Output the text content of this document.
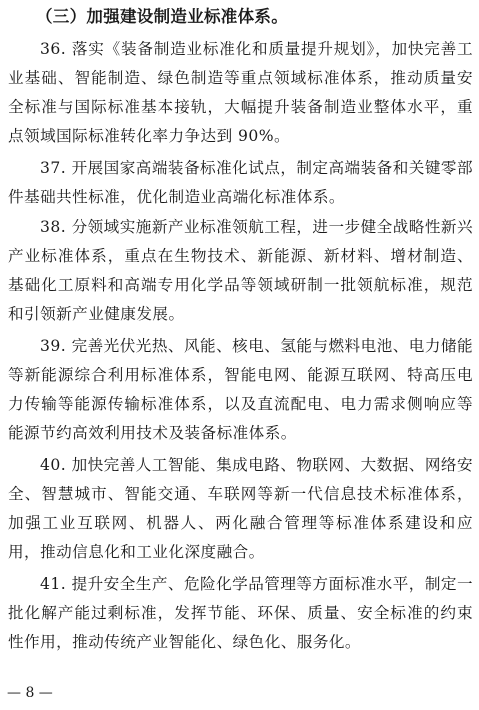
（三）加强建设制造业标准体系。

36. 落实《装备制造业标准化和质量提升规划》，加快完善工业基础、智能制造、绿色制造等重点领域标准体系，推动质量安全标准与国际标准基本接轨，大幅提升装备制造业整体水平，重点领域国际标准转化率力争达到 90%。

37. 开展国家高端装备标准化试点，制定高端装备和关键零部件基础共性标准，优化制造业高端化标准体系。

38. 分领域实施新产业标准领航工程，进一步健全战略性新兴产业标准体系，重点在生物技术、新能源、新材料、增材制造、基础化工原料和高端专用化学品等领域研制一批领航标准，规范和引领新产业健康发展。

39. 完善光伏光热、风能、核电、氢能与燃料电池、电力储能等新能源综合利用标准体系，智能电网、能源互联网、特高压电力传输等能源传输标准体系，以及直流配电、电力需求侧响应等能源节约高效利用技术及装备标准体系。

40. 加快完善人工智能、集成电路、物联网、大数据、网络安全、智慧城市、智能交通、车联网等新一代信息技术标准体系，加强工业互联网、机器人、两化融合管理等标准体系建设和应用，推动信息化和工业化深度融合。

41. 提升安全生产、危险化学品管理等方面标准水平，制定一批化解产能过剩标准，发挥节能、环保、质量、安全标准的约束性作用，推动传统产业智能化、绿色化、服务化。

— 8 —
